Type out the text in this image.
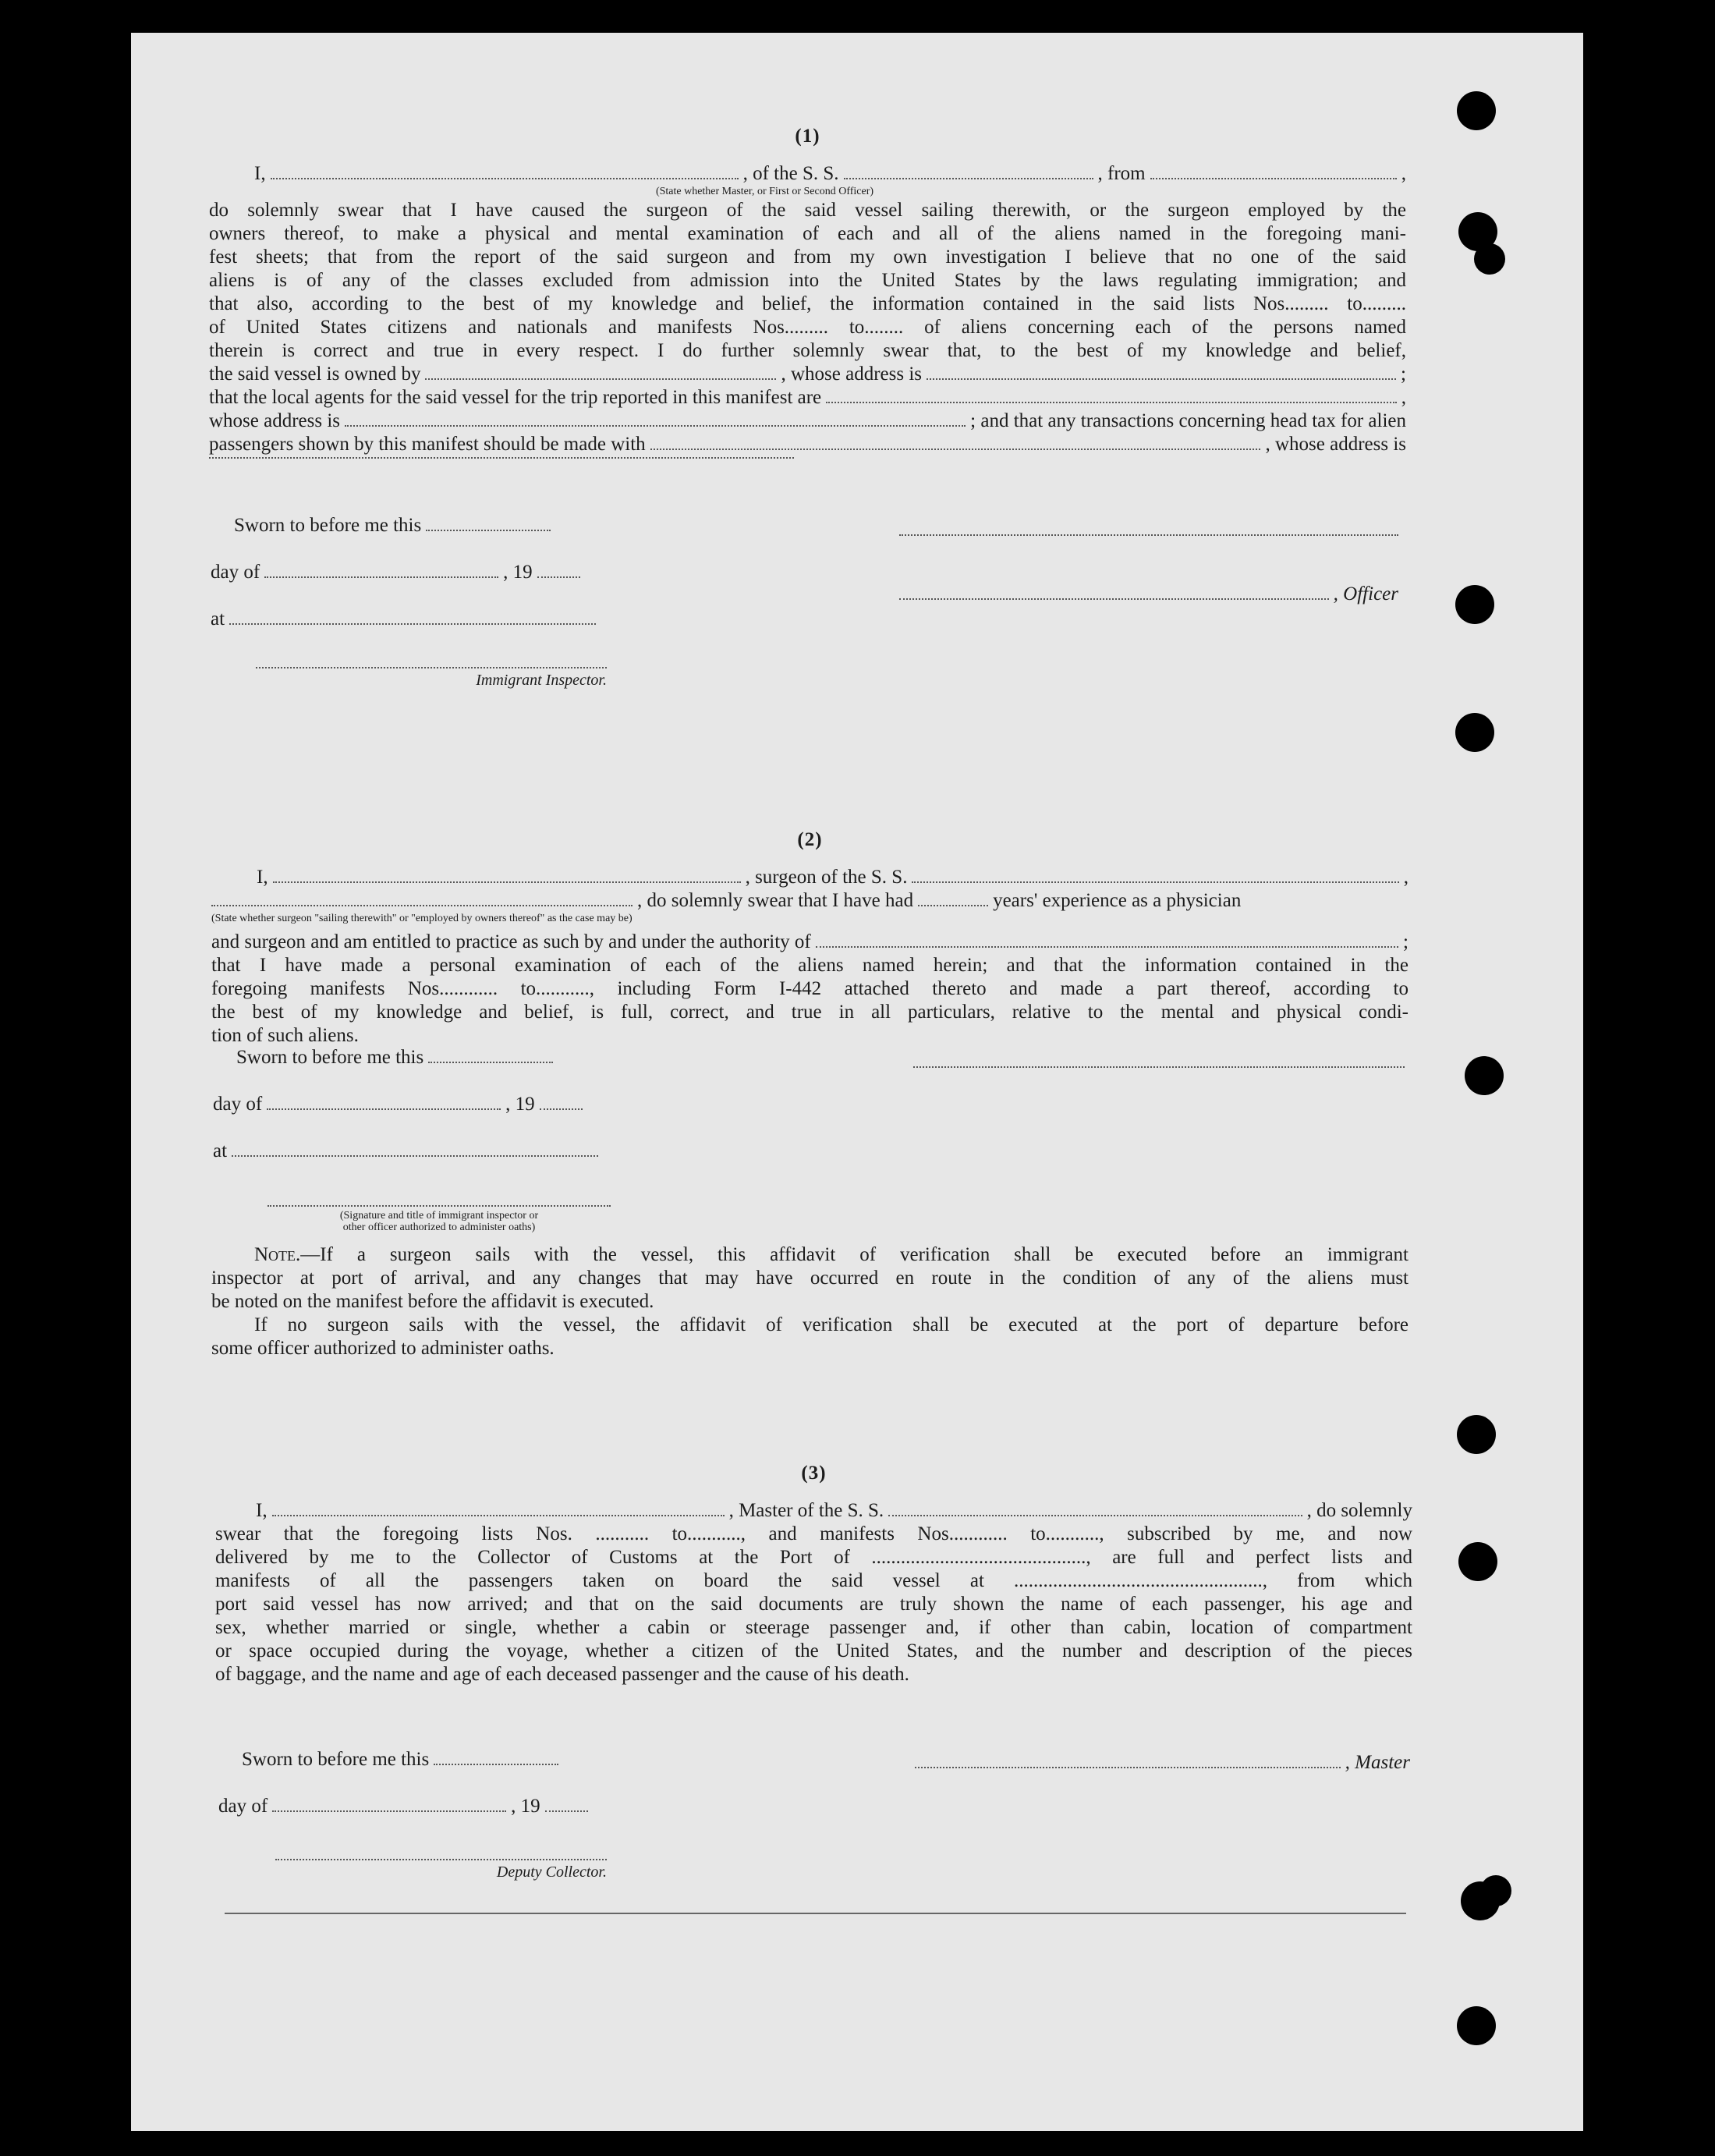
(1)
I,	, of the S. S.	, from	,
(State whether Master, or First or Second Officer)

do solemnly swear that I have caused the surgeon of the said vessel sailing therewith, or the surgeon employed by the

owners thereof, to make a physical and mental examination of each and all of the aliens named in the foregoing mani-

fest sheets; that from the report of the said surgeon and from my own investigation I believe that no one of the said

aliens is of any of the classes excluded from admission into the United States by the laws regulating immigration; and

that also, according to the best of my knowledge and belief, the information contained in the said lists Nos......... to.........

of United States citizens and nationals and manifests Nos......... to........ of aliens concerning each of the persons named

therein is correct and true in every respect. I do further solemnly swear that, to the best of my knowledge and belief,

the said vessel is owned by	, whose address is	;
that the local agents for the said vessel for the trip reported in this manifest are	,
whose address is	; and that any transactions concerning head tax for alien
passengers shown by this manifest should be made with	, whose address is
Sworn to before me this
day of	, 19
at
Immigrant Inspector.
, Officer
(2)
I,	, surgeon of the S. S.	,
, do solemnly swear that I have had	years' experience as a physician
(State whether surgeon "sailing therewith" or "employed by owners thereof" as the case may be)
and surgeon and am entitled to practice as such by and under the authority of	;

that I have made a personal examination of each of the aliens named herein; and that the information contained in the

foregoing manifests Nos............ to..........., including Form I-442 attached thereto and made a part thereof, according to

the best of my knowledge and belief, is full, correct, and true in all particulars, relative to the mental and physical condi-

tion of such aliens.

Sworn to before me this
day of	, 19
at
(Signature and title of immigrant inspector or
other officer authorized to administer oaths)

Note.—If a surgeon sails with the vessel, this affidavit of verification shall be executed before an immigrant

inspector at port of arrival, and any changes that may have occurred en route in the condition of any of the aliens must

be noted on the manifest before the affidavit is executed.

If no surgeon sails with the vessel, the affidavit of verification shall be executed at the port of departure before

some officer authorized to administer oaths.

(3)
I,	, Master of the S. S.	, do solemnly

swear that the foregoing lists Nos. ........... to..........., and manifests Nos............ to..........., subscribed by me, and now

delivered by me to the Collector of Customs at the Port of ............................................, are full and perfect lists and

manifests of all the passengers taken on board the said vessel at ..................................................., from which

port said vessel has now arrived; and that on the said documents are truly shown the name of each passenger, his age and

sex, whether married or single, whether a cabin or steerage passenger and, if other than cabin, location of compartment

or space occupied during the voyage, whether a citizen of the United States, and the number and description of the pieces

of baggage, and the name and age of each deceased passenger and the cause of his death.

Sworn to before me this
day of	, 19
Deputy Collector.
, Master
